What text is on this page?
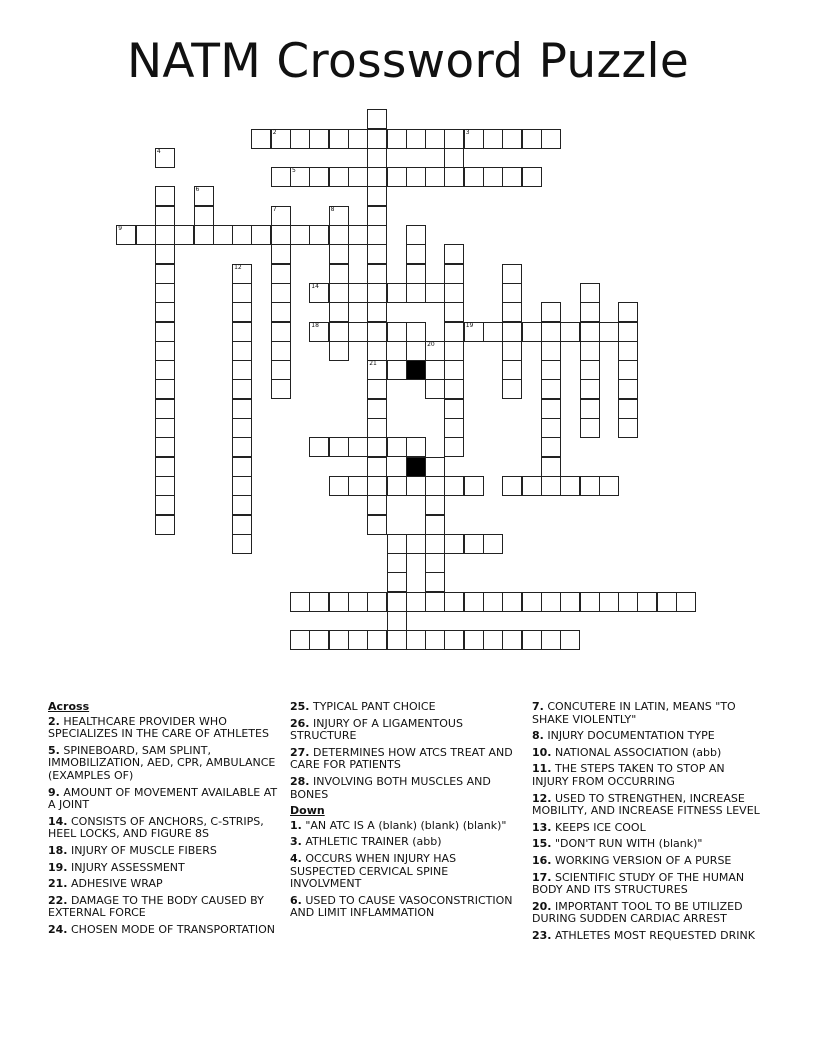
NATM Crossword Puzzle
2	3
4
5
6
7	8
9
12
14
18	19
20
21
Across
2. HEALTHCARE PROVIDER WHO SPECIALIZES IN THE CARE OF ATHLETES
5. SPINEBOARD, SAM SPLINT, IMMOBILIZATION, AED, CPR, AMBULANCE (EXAMPLES OF)
9. AMOUNT OF MOVEMENT AVAILABLE AT A JOINT
14. CONSISTS OF ANCHORS, C-STRIPS, HEEL LOCKS, AND FIGURE 8S
18. INJURY OF MUSCLE FIBERS
19. INJURY ASSESSMENT
21. ADHESIVE WRAP
22. DAMAGE TO THE BODY CAUSED BY EXTERNAL FORCE
24. CHOSEN MODE OF TRANSPORTATION
25. TYPICAL PANT CHOICE
26. INJURY OF A LIGAMENTOUS STRUCTURE
27. DETERMINES HOW ATCS TREAT AND CARE FOR PATIENTS
28. INVOLVING BOTH MUSCLES AND BONES
Down
1. "AN ATC IS A (blank) (blank) (blank)"
3. ATHLETIC TRAINER (abb)
4. OCCURS WHEN INJURY HAS SUSPECTED CERVICAL SPINE INVOLVMENT
6. USED TO CAUSE VASOCONSTRICTION AND LIMIT INFLAMMATION
7. CONCUTERE IN LATIN, MEANS "TO SHAKE VIOLENTLY"
8. INJURY DOCUMENTATION TYPE
10. NATIONAL ASSOCIATION (abb)
11. THE STEPS TAKEN TO STOP AN INJURY FROM OCCURRING
12. USED TO STRENGTHEN, INCREASE MOBILITY, AND INCREASE FITNESS LEVEL
13. KEEPS ICE COOL
15. "DON'T RUN WITH (blank)"
16. WORKING VERSION OF A PURSE
17. SCIENTIFIC STUDY OF THE HUMAN BODY AND ITS STRUCTURES
20. IMPORTANT TOOL TO BE UTILIZED DURING SUDDEN CARDIAC ARREST
23. ATHLETES MOST REQUESTED DRINK
